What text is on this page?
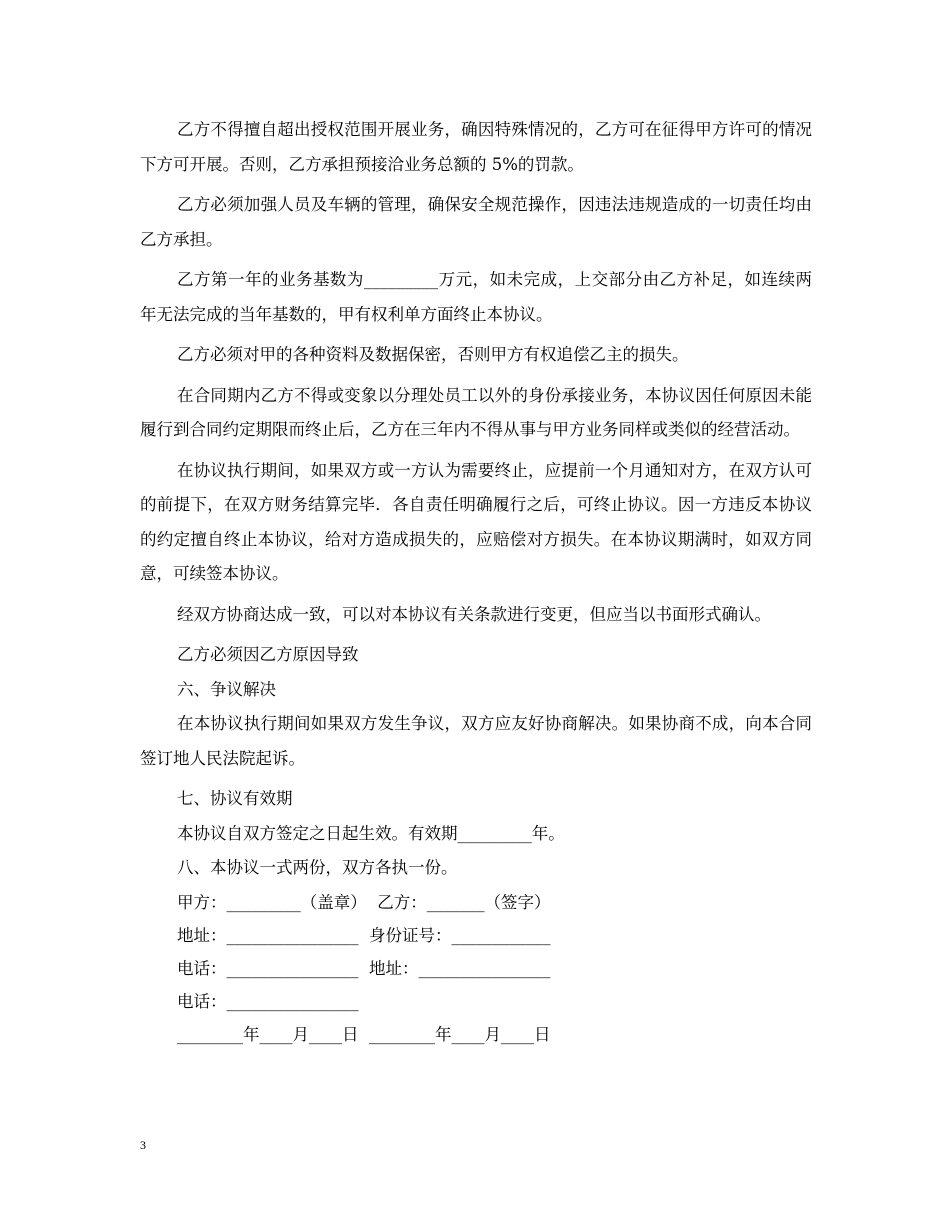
乙方不得擅自超出授权范围开展业务，确因特殊情况的，乙方可在征得甲方许可的情况下方可开展。否则，乙方承担预接洽业务总额的 5%的罚款。

乙方必须加强人员及车辆的管理，确保安全规范操作，因违法违规造成的一切责任均由乙方承担。

乙方第一年的业务基数为_________万元，如未完成，上交部分由乙方补足，如连续两年无法完成的当年基数的，甲有权利单方面终止本协议。

乙方必须对甲的各种资料及数据保密，否则甲方有权追偿乙主的损失。

在合同期内乙方不得或变象以分理处员工以外的身份承接业务，本协议因任何原因未能履行到合同约定期限而终止后，乙方在三年内不得从事与甲方业务同样或类似的经营活动。

在协议执行期间，如果双方或一方认为需要终止，应提前一个月通知对方，在双方认可的前提下，在双方财务结算完毕．各自责任明确履行之后，可终止协议。因一方违反本协议的约定擅自终止本协议，给对方造成损失的，应赔偿对方损失。在本协议期满时，如双方同意，可续签本协议。

经双方协商达成一致，可以对本协议有关条款进行变更，但应当以书面形式确认。

乙方必须因乙方原因导致

六、争议解决

在本协议执行期间如果双方发生争议，双方应友好协商解决。如果协商不成，向本合同签订地人民法院起诉。

七、协议有效期

本协议自双方签定之日起生效。有效期_________年。

八、本协议一式两份，双方各执一份。

甲方：_________（盖章）  乙方：_______（签字）
地址：________________  身份证号：____________
电话：________________  地址：________________
电话：________________
________年____月____日  ________年____月____日
3
